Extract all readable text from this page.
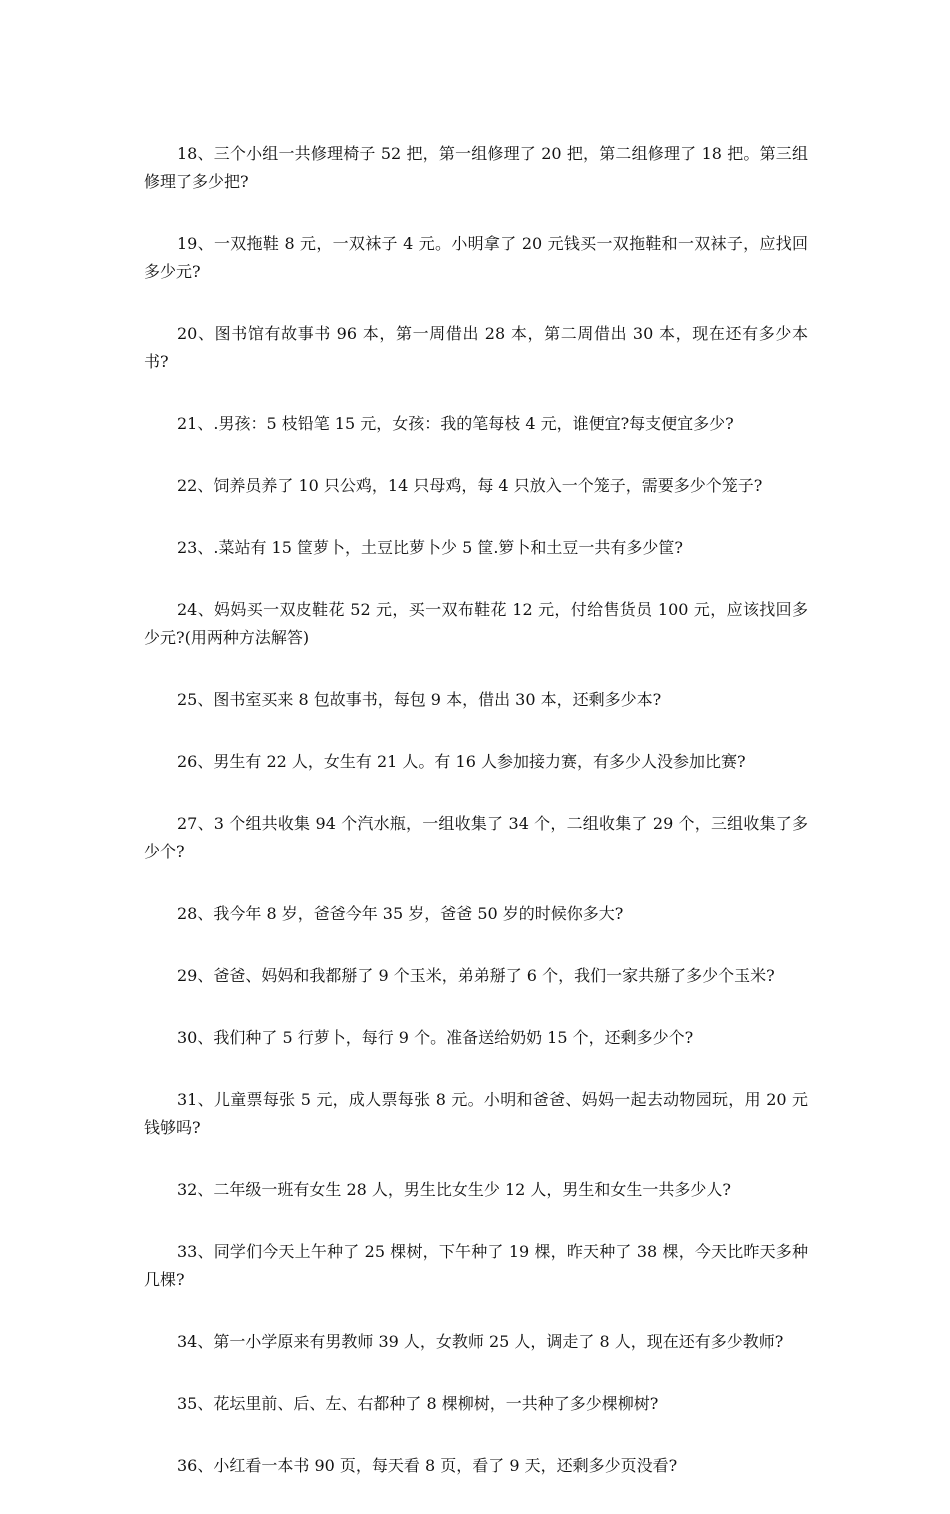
18、三个小组一共修理椅子 52 把，第一组修理了 20 把，第二组修理了 18 把。第三组修理了多少把?

19、一双拖鞋 8 元，一双袜子 4 元。小明拿了 20 元钱买一双拖鞋和一双袜子，应找回多少元?

20、图书馆有故事书 96 本，第一周借出 28 本，第二周借出 30 本，现在还有多少本书?

21、.男孩：5 枝铅笔 15 元，女孩：我的笔每枝 4 元，谁便宜?每支便宜多少?

22、饲养员养了 10 只公鸡，14 只母鸡，每 4 只放入一个笼子，需要多少个笼子?

23、.菜站有 15 筐萝卜，土豆比萝卜少 5 筐.箩卜和土豆一共有多少筐?

24、妈妈买一双皮鞋花 52 元，买一双布鞋花 12 元，付给售货员 100 元，应该找回多少元?(用两种方法解答)

25、图书室买来 8 包故事书，每包 9 本，借出 30 本，还剩多少本?

26、男生有 22 人，女生有 21 人。有 16 人参加接力赛，有多少人没参加比赛?

27、3 个组共收集 94 个汽水瓶，一组收集了 34 个，二组收集了 29 个，三组收集了多少个?

28、我今年 8 岁，爸爸今年 35 岁，爸爸 50 岁的时候你多大?

29、爸爸、妈妈和我都掰了 9 个玉米，弟弟掰了 6 个，我们一家共掰了多少个玉米?

30、我们种了 5 行萝卜，每行 9 个。准备送给奶奶 15 个，还剩多少个?

31、儿童票每张 5 元，成人票每张 8 元。小明和爸爸、妈妈一起去动物园玩，用 20 元钱够吗?

32、二年级一班有女生 28 人，男生比女生少 12 人，男生和女生一共多少人?

33、同学们今天上午种了 25 棵树，下午种了 19 棵，昨天种了 38 棵，今天比昨天多种几棵?

34、第一小学原来有男教师 39 人，女教师 25 人，调走了 8 人，现在还有多少教师?

35、花坛里前、后、左、右都种了 8 棵柳树，一共种了多少棵柳树?

36、小红看一本书 90 页，每天看 8 页，看了 9 天，还剩多少页没看?
